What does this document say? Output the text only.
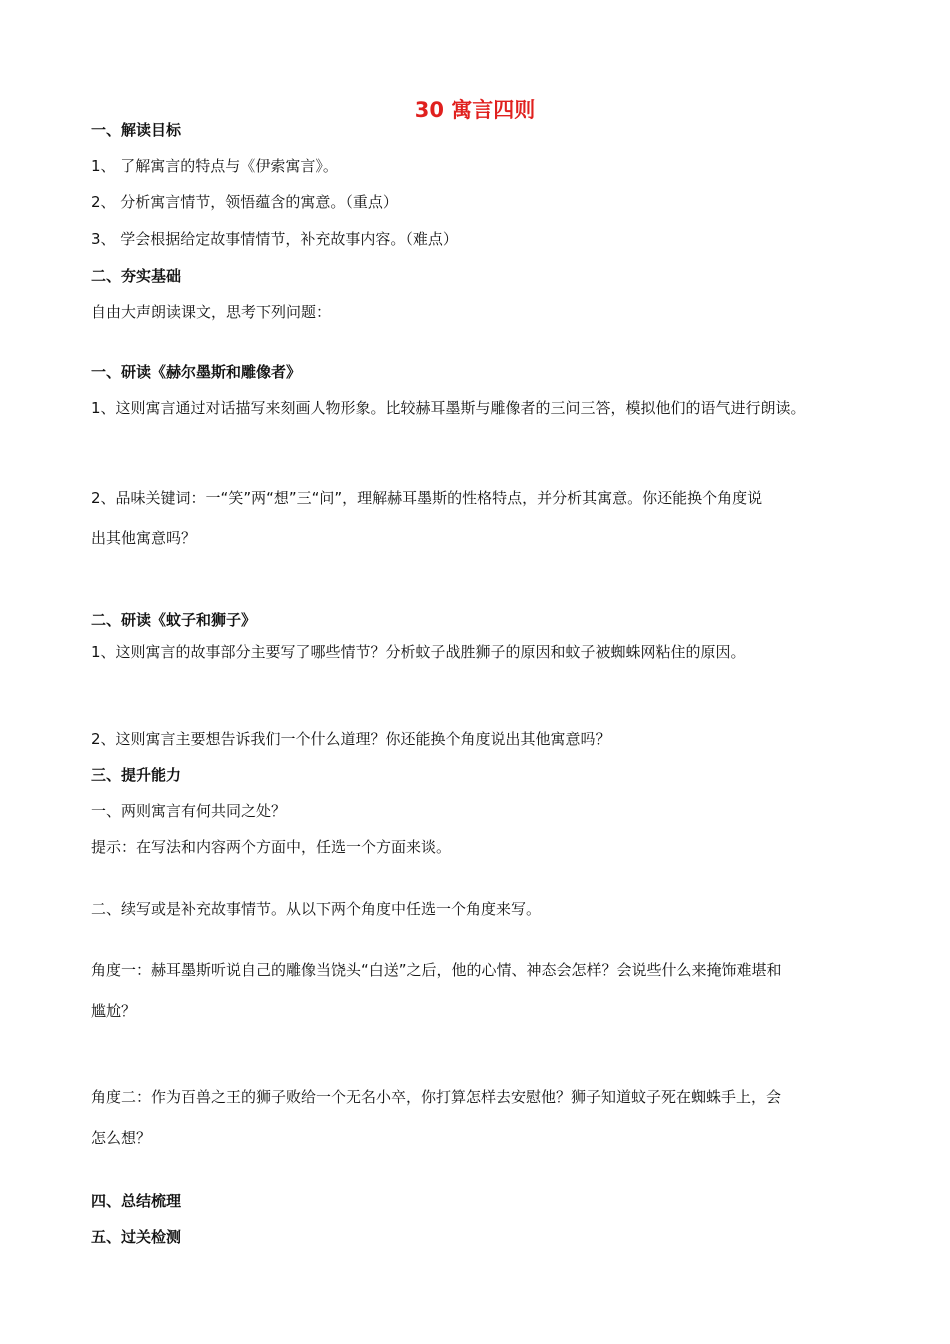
30 寓言四则

一、解读目标

1、 了解寓言的特点与《伊索寓言》。

2、 分析寓言情节，领悟蕴含的寓意。（重点）

3、 学会根据给定故事情情节，补充故事内容。（难点）

二、夯实基础

自由大声朗读课文，思考下列问题：

一、研读《赫尔墨斯和雕像者》

1、这则寓言通过对话描写来刻画人物形象。比较赫耳墨斯与雕像者的三问三答，模拟他们的语气进行朗读。

2、品味关键词：一“笑”两“想”三“问”，理解赫耳墨斯的性格特点，并分析其寓意。你还能换个角度说

出其他寓意吗？

二、研读《蚊子和狮子》

1、这则寓言的故事部分主要写了哪些情节？分析蚊子战胜狮子的原因和蚊子被蜘蛛网粘住的原因。

2、这则寓言主要想告诉我们一个什么道理？你还能换个角度说出其他寓意吗？

三、提升能力

一、两则寓言有何共同之处？

提示：在写法和内容两个方面中，任选一个方面来谈。

二、续写或是补充故事情节。从以下两个角度中任选一个角度来写。

角度一：赫耳墨斯听说自己的雕像当饶头“白送”之后，他的心情、神态会怎样？会说些什么来掩饰难堪和

尴尬？

角度二：作为百兽之王的狮子败给一个无名小卒，你打算怎样去安慰他？狮子知道蚊子死在蜘蛛手上，会

怎么想？

四、总结梳理

五、过关检测
